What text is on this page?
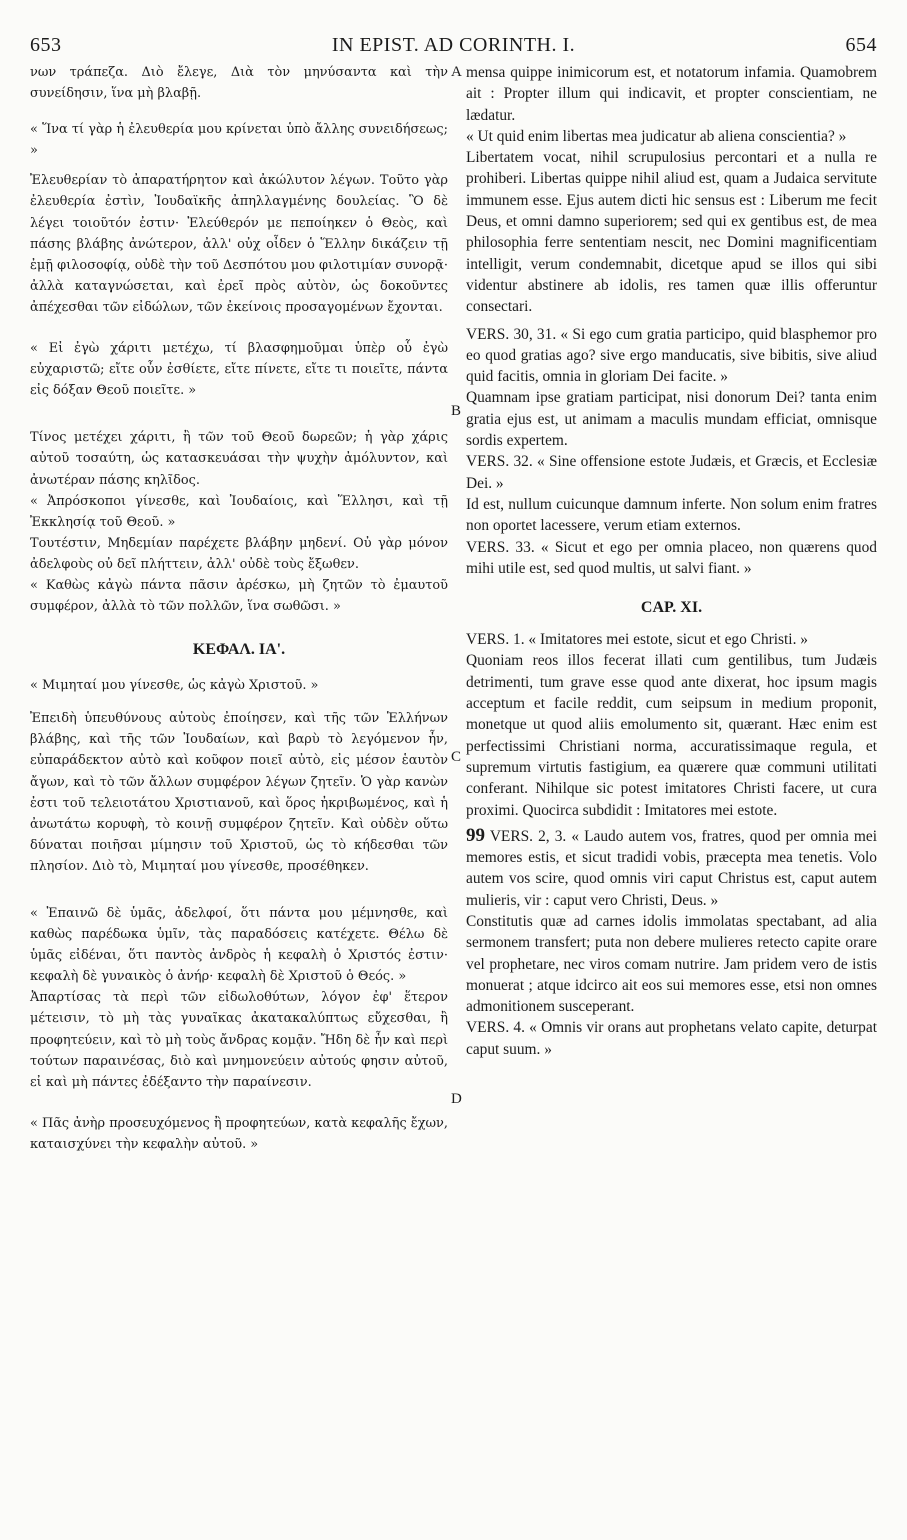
653	IN EPIST. AD CORINTH. I.	654
A
B
C
D

νων τράπεζα. Διὸ ἔλεγε, Διὰ τὸν μηνύσαντα καὶ τὴν συνείδησιν, ἵνα μὴ βλαβῇ.

« Ἵνα τί γὰρ ἡ ἐλευθερία μου κρίνεται ὑπὸ ἄλλης συνειδήσεως; »

Ἐλευθερίαν τὸ ἀπαρατήρητον καὶ ἀκώλυτον λέγων. Τοῦτο γὰρ ἐλευθερία ἐστὶν, Ἰουδαϊκῆς ἀπηλλαγμένης δουλείας. Ὃ δὲ λέγει τοιοῦτόν ἐστιν· Ἐλεύθερόν με πεποίηκεν ὁ Θεὸς, καὶ πάσης βλάβης ἀνώτερον, ἀλλ' οὐχ οἶδεν ὁ Ἕλλην δικάζειν τῇ ἐμῇ φιλοσοφίᾳ, οὐδὲ τὴν τοῦ Δεσπότου μου φιλοτιμίαν συνορᾷ· ἀλλὰ καταγνώσεται, καὶ ἐρεῖ πρὸς αὐτὸν, ὡς δοκοῦντες ἀπέχεσθαι τῶν εἰδώλων, τῶν ἐκείνοις προσαγομένων ἔχονται.

« Εἰ ἐγὼ χάριτι μετέχω, τί βλασφημοῦμαι ὑπὲρ οὗ ἐγὼ εὐχαριστῶ; εἴτε οὖν ἐσθίετε, εἴτε πίνετε, εἴτε τι ποιεῖτε, πάντα εἰς δόξαν Θεοῦ ποιεῖτε. »

Τίνος μετέχει χάριτι, ἢ τῶν τοῦ Θεοῦ δωρεῶν; ἡ γὰρ χάρις αὐτοῦ τοσαύτη, ὡς κατασκευάσαι τὴν ψυχὴν ἀμόλυντον, καὶ ἀνωτέραν πάσης κηλῖδος.

« Ἀπρόσκοποι γίνεσθε, καὶ Ἰουδαίοις, καὶ Ἕλλησι, καὶ τῇ Ἐκκλησίᾳ τοῦ Θεοῦ. »

Τουτέστιν, Μηδεμίαν παρέχετε βλάβην μηδενί. Οὐ γὰρ μόνον ἀδελφοὺς οὐ δεῖ πλήττειν, ἀλλ' οὐδὲ τοὺς ἔξωθεν.

« Καθὼς κἀγὼ πάντα πᾶσιν ἀρέσκω, μὴ ζητῶν τὸ ἐμαυτοῦ συμφέρον, ἀλλὰ τὸ τῶν πολλῶν, ἵνα σωθῶσι. »

ΚΕΦΑΛ. ΙΑ'.

« Μιμηταί μου γίνεσθε, ὡς κἀγὼ Χριστοῦ. »

Ἐπειδὴ ὑπευθύνους αὐτοὺς ἐποίησεν, καὶ τῆς τῶν Ἑλλήνων βλάβης, καὶ τῆς τῶν Ἰουδαίων, καὶ βαρὺ τὸ λεγόμενον ἦν, εὐπαράδεκτον αὐτὸ καὶ κοῦφον ποιεῖ αὐτὸ, εἰς μέσον ἑαυτὸν ἄγων, καὶ τὸ τῶν ἄλλων συμφέρον λέγων ζητεῖν. Ὁ γὰρ κανὼν ἐστι τοῦ τελειοτάτου Χριστιανοῦ, καὶ ὅρος ἠκριβωμένος, καὶ ἡ ἀνωτάτω κορυφὴ, τὸ κοινῇ συμφέρον ζητεῖν. Καὶ οὐδὲν οὕτω δύναται ποιῆσαι μίμησιν τοῦ Χριστοῦ, ὡς τὸ κήδεσθαι τῶν πλησίον. Διὸ τὸ, Μιμηταί μου γίνεσθε, προσέθηκεν.

« Ἐπαινῶ δὲ ὑμᾶς, ἀδελφοί, ὅτι πάντα μου μέμνησθε, καὶ καθὼς παρέδωκα ὑμῖν, τὰς παραδόσεις κατέχετε. Θέλω δὲ ὑμᾶς εἰδέναι, ὅτι παντὸς ἀνδρὸς ἡ κεφαλὴ ὁ Χριστός ἐστιν· κεφαλὴ δὲ γυναικὸς ὁ ἀνήρ· κεφαλὴ δὲ Χριστοῦ ὁ Θεός. »

Ἀπαρτίσας τὰ περὶ τῶν εἰδωλοθύτων, λόγον ἐφ' ἕτερον μέτεισιν, τὸ μὴ τὰς γυναῖκας ἀκατακαλύπτως εὔχεσθαι, ἢ προφητεύειν, καὶ τὸ μὴ τοὺς ἄνδρας κομᾷν. Ἤδη δὲ ἦν καὶ περὶ τούτων παραινέσας, διὸ καὶ μνημονεύειν αὐτούς φησιν αὐτοῦ, εἰ καὶ μὴ πάντες ἐδέξαντο τὴν παραίνεσιν.

« Πᾶς ἀνὴρ προσευχόμενος ἢ προφητεύων, κατὰ κεφαλῆς ἔχων, καταισχύνει τὴν κεφαλὴν αὐτοῦ. »

mensa quippe inimicorum est, et notatorum infamia. Quamobrem ait : Propter illum qui indicavit, et propter conscientiam, ne lædatur.

« Ut quid enim libertas mea judicatur ab aliena conscientia? »

Libertatem vocat, nihil scrupulosius percontari et a nulla re prohiberi. Libertas quippe nihil aliud est, quam a Judaica servitute immunem esse. Ejus autem dicti hic sensus est : Liberum me fecit Deus, et omni damno superiorem; sed qui ex gentibus est, de mea philosophia ferre sententiam nescit, nec Domini magnificentiam intelligit, verum condemnabit, dicetque apud se illos qui sibi videntur abstinere ab idolis, res tamen quæ illis offeruntur consectari.

VERS. 30, 31. « Si ego cum gratia participo, quid blasphemor pro eo quod gratias ago? sive ergo manducatis, sive bibitis, sive aliud quid facitis, omnia in gloriam Dei facite. »

Quamnam ipse gratiam participat, nisi donorum Dei? tanta enim gratia ejus est, ut animam a maculis mundam efficiat, omnisque sordis expertem.

VERS. 32. « Sine offensione estote Judæis, et Græcis, et Ecclesiæ Dei. »

Id est, nullum cuicunque damnum inferte. Non solum enim fratres non oportet lacessere, verum etiam externos.

VERS. 33. « Sicut et ego per omnia placeo, non quærens quod mihi utile est, sed quod multis, ut salvi fiant. »

CAP. XI.

VERS. 1. « Imitatores mei estote, sicut et ego Christi. »

Quoniam reos illos fecerat illati cum gentilibus, tum Judæis detrimenti, tum grave esse quod ante dixerat, hoc ipsum magis acceptum et facile reddit, cum seipsum in medium proponit, monetque ut quod aliis emolumento sit, quærant. Hæc enim est perfectissimi Christiani norma, accuratissimaque regula, et supremum virtutis fastigium, ea quærere quæ communi utilitati conferant. Nihilque sic potest imitatores Christi facere, ut cura proximi. Quocirca subdidit : Imitatores mei estote.

99 VERS. 2, 3. « Laudo autem vos, fratres, quod per omnia mei memores estis, et sicut tradidi vobis, præcepta mea tenetis. Volo autem vos scire, quod omnis viri caput Christus est, caput autem mulieris, vir : caput vero Christi, Deus. »

Constitutis quæ ad carnes idolis immolatas spectabant, ad alia sermonem transfert; puta non debere mulieres retecto capite orare vel prophetare, nec viros comam nutrire. Jam pridem vero de istis monuerat ; atque idcirco ait eos sui memores esse, etsi non omnes admonitionem susceperant.

VERS. 4. « Omnis vir orans aut prophetans velato capite, deturpat caput suum. »
